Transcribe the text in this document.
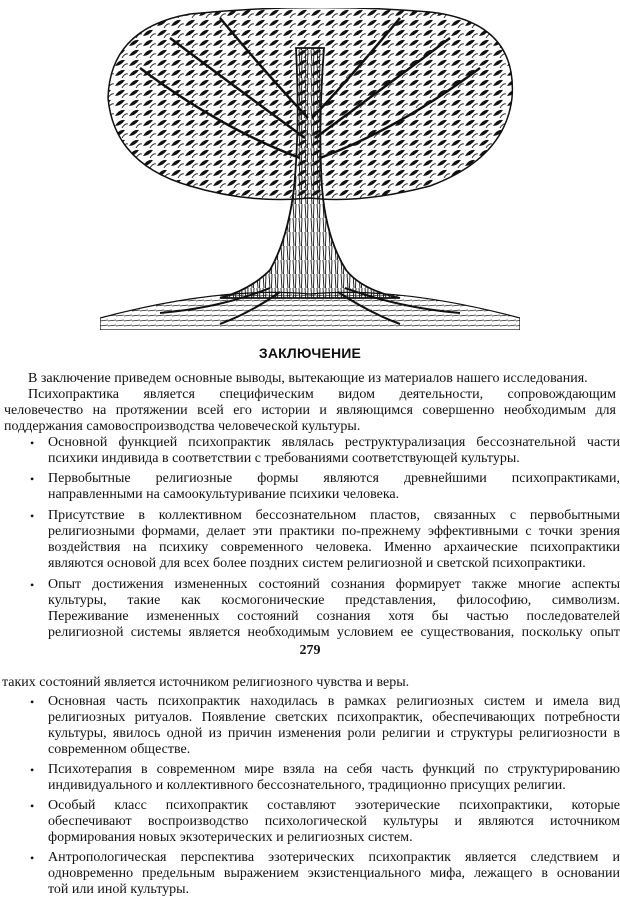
ЗАКЛЮЧЕНИЕ
В заключение приведем основные выводы, вытекающие из материалов нашего исследования.
Психопрактика является специфическим видом деятельности, сопровождающим
человечество на протяжении всей его истории и являющимся совершенно необходимым для
поддержания самовоспроизводства человеческой культуры.
• Основной функцией психопрактик являлась реструктурализация бессознательной части
психики индивида в соответствии с требованиями соответствующей культуры.
• Первобытные религиозные формы являются древнейшими психопрактиками,
направленными на самоокультуривание психики человека.
• Присутствие в коллективном бессознательном пластов, связанных с первобытными
религиозными формами, делает эти практики по-прежнему эффективными с точки зрения
воздействия на психику современного человека. Именно архаические психопрактики
являются основой для всех более поздних систем религиозной и светской психопрактики.
• Опыт достижения измененных состояний сознания формирует также многие аспекты
культуры, такие как космогонические представления, философию, символизм.
Переживание измененных состояний сознания хотя бы частью последователей
религиозной системы является необходимым условием ее существования, поскольку опыт
279
таких состояний является источником религиозного чувства и веры.
• Основная часть психопрактик находилась в рамках религиозных систем и имела вид
религиозных ритуалов. Появление светских психопрактик, обеспечивающих потребности
культуры, явилось одной из причин изменения роли религии и структуры религиозности в
современном обществе.
• Психотерапия в современном мире взяла на себя часть функций по структурированию
индивидуального и коллективного бессознательного, традиционно присущих религии.
• Особый класс психопрактик составляют эзотерические психопрактики, которые
обеспечивают воспроизводство психологической культуры и являются источником
формирования новых экзотерических и религиозных систем.
• Антропологическая перспектива эзотерических психопрактик является следствием и
одновременно предельным выражением экзистенциального мифа, лежащего в основании
той или иной культуры.
